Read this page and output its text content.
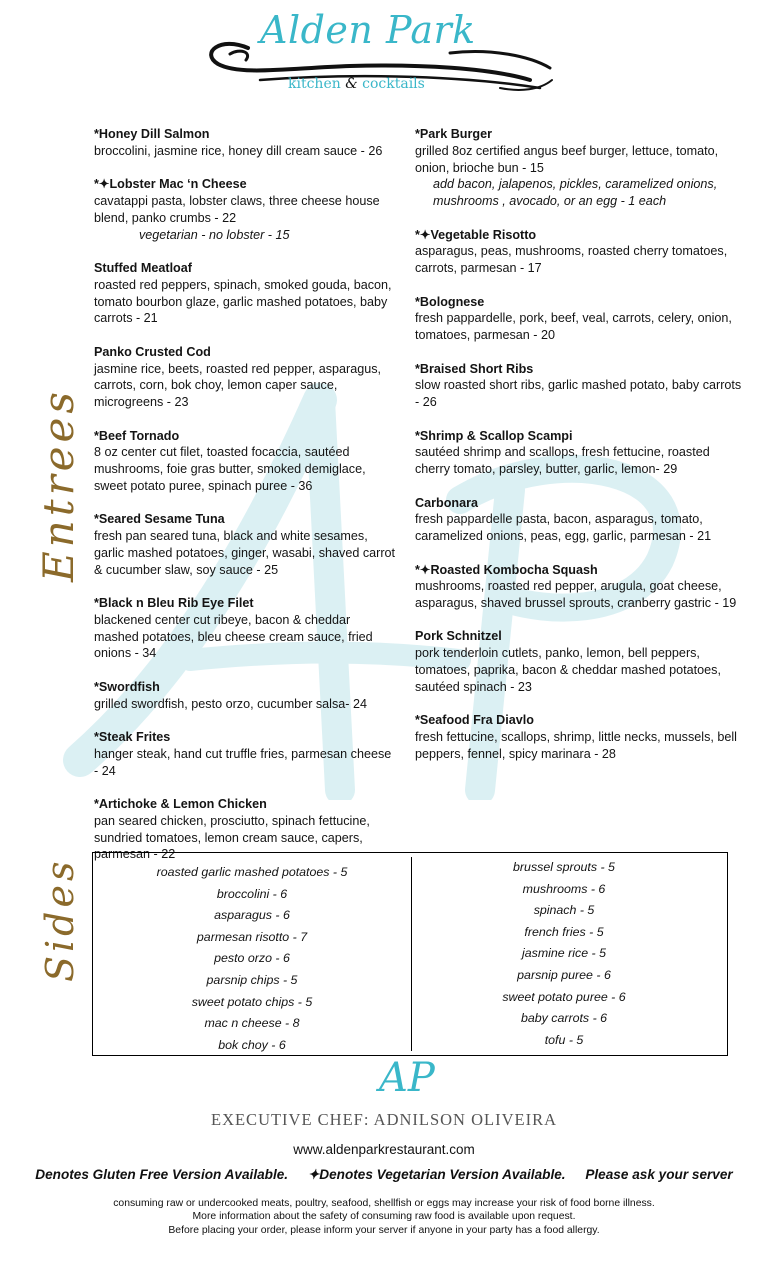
Alden Park
kitchen & cocktails
Entrees
Sides
*Honey Dill Salmon
broccolini, jasmine rice, honey dill cream sauce - 26
*✦Lobster Mac ‘n Cheese
cavatappi pasta, lobster claws, three cheese house blend, panko crumbs - 22
vegetarian - no lobster - 15
Stuffed Meatloaf
roasted red peppers, spinach, smoked gouda, bacon, tomato bourbon glaze, garlic mashed potatoes, baby carrots - 21
Panko Crusted Cod
jasmine rice, beets, roasted red pepper, asparagus, carrots, corn, bok choy, lemon caper sauce, microgreens - 23
*Beef Tornado
8 oz center cut filet, toasted focaccia, sautéed mushrooms, foie gras butter, smoked demiglace, sweet potato puree, spinach puree - 36
*Seared Sesame Tuna
fresh pan seared tuna, black and white sesames, garlic mashed potatoes, ginger, wasabi, shaved carrot & cucumber slaw, soy sauce - 25
*Black n Bleu Rib Eye Filet
blackened center cut ribeye, bacon & cheddar mashed potatoes, bleu cheese cream sauce, fried onions - 34
*Swordfish
grilled swordfish, pesto orzo, cucumber salsa- 24
*Steak Frites
hanger steak, hand cut truffle fries, parmesan cheese - 24
*Artichoke & Lemon Chicken
pan seared chicken, prosciutto, spinach fettucine, sundried tomatoes, lemon cream sauce, capers, parmesan - 22
*Park Burger
grilled 8oz certified angus beef burger, lettuce, tomato, onion, brioche bun - 15
add bacon, jalapenos, pickles, caramelized onions, mushrooms , avocado, or an egg - 1 each
*✦Vegetable Risotto
asparagus, peas, mushrooms, roasted cherry tomatoes, carrots, parmesan - 17
*Bolognese
fresh pappardelle, pork, beef, veal, carrots, celery, onion, tomatoes, parmesan - 20
*Braised Short Ribs
slow roasted short ribs, garlic mashed potato, baby carrots - 26
*Shrimp & Scallop Scampi
sautéed shrimp and scallops, fresh fettucine, roasted cherry tomato, parsley, butter, garlic, lemon- 29
Carbonara
fresh pappardelle pasta, bacon, asparagus, tomato, caramelized onions, peas, egg, garlic, parmesan - 21
*✦Roasted Kombocha Squash
mushrooms, roasted red pepper, arugula, goat cheese, asparagus, shaved brussel sprouts, cranberry gastric - 19
Pork Schnitzel
pork tenderloin cutlets, panko, lemon, bell peppers, tomatoes, paprika, bacon & cheddar mashed potatoes, sautéed spinach - 23
*Seafood Fra Diavlo
fresh fettucine, scallops, shrimp, little necks, mussels, bell peppers, fennel, spicy marinara - 28
roasted garlic mashed potatoes - 5
broccolini - 6
asparagus - 6
parmesan risotto - 7
pesto orzo - 6
parsnip chips - 5
sweet potato chips - 5
mac n cheese - 8
bok choy - 6
brussel sprouts - 5
mushrooms - 6
spinach - 5
french fries - 5
jasmine rice - 5
parsnip puree - 6
sweet potato puree - 6
baby carrots - 6
tofu - 5
AP
EXECUTIVE CHEF: ADNILSON OLIVEIRA
www.aldenparkrestaurant.com
Denotes Gluten Free Version Available. ✦Denotes Vegetarian Version Available. Please ask your server
consuming raw or undercooked meats, poultry, seafood, shellfish or eggs may increase your risk of food borne illness.
More information about the safety of consuming raw food is available upon request.
Before placing your order, please inform your server if anyone in your party has a food allergy.
